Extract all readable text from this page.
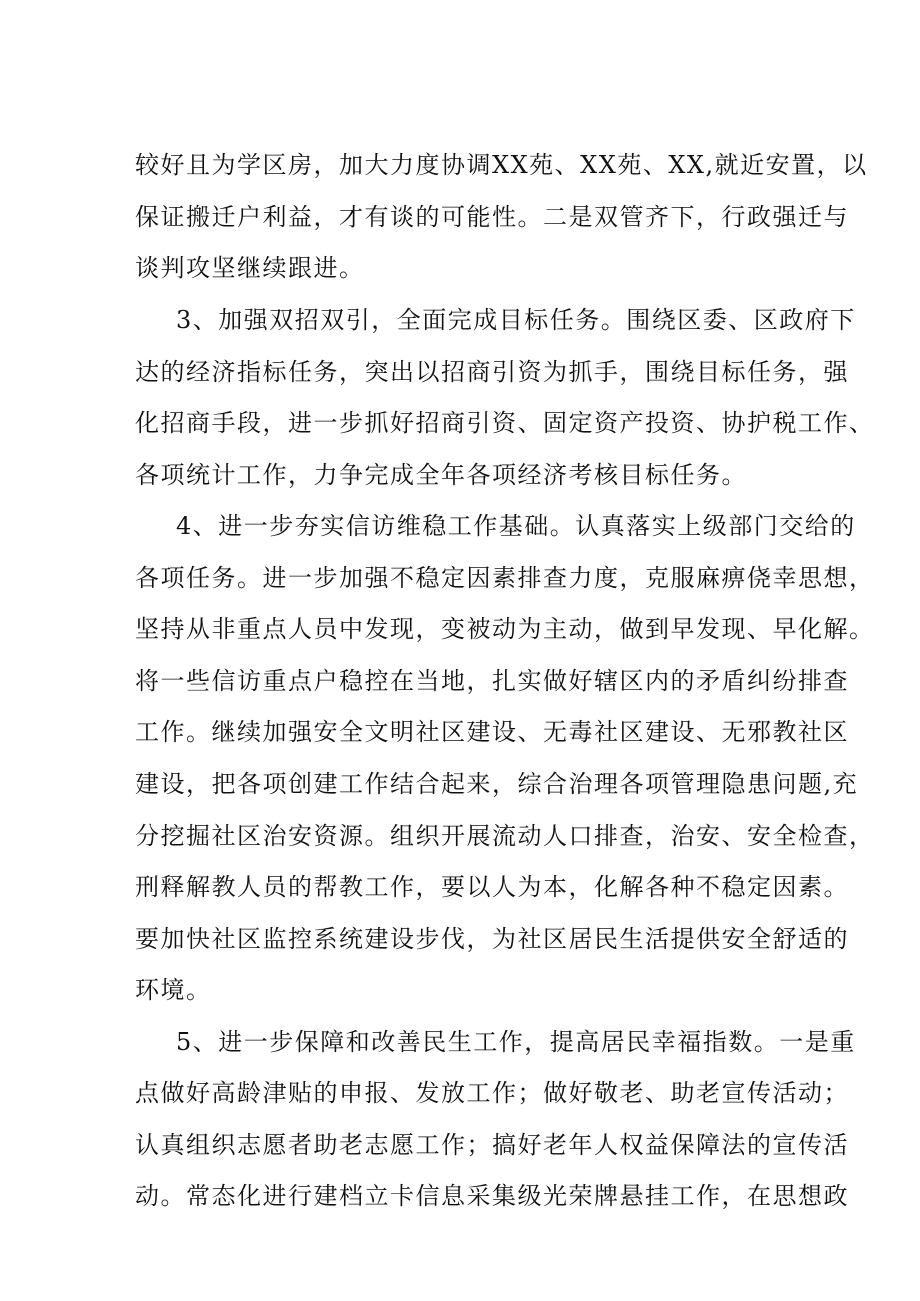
较好且为学区房，加大力度协调XX苑、XX苑、XX,就近安置，以
保证搬迁户利益，才有谈的可能性。二是双管齐下，行政强迁与
谈判攻坚继续跟进。
3、加强双招双引，全面完成目标任务。围绕区委、区政府下
达的经济指标任务，突出以招商引资为抓手，围绕目标任务，强
化招商手段，进一步抓好招商引资、固定资产投资、协护税工作、
各项统计工作，力争完成全年各项经济考核目标任务。
4、进一步夯实信访维稳工作基础。认真落实上级部门交给的
各项任务。进一步加强不稳定因素排查力度，克服麻痹侥幸思想，
坚持从非重点人员中发现，变被动为主动，做到早发现、早化解。
将一些信访重点户稳控在当地，扎实做好辖区内的矛盾纠纷排查
工作。继续加强安全文明社区建设、无毒社区建设、无邪教社区
建设，把各项创建工作结合起来，综合治理各项管理隐患问题,充
分挖掘社区治安资源。组织开展流动人口排查，治安、安全检查，
刑释解教人员的帮教工作，要以人为本，化解各种不稳定因素。
要加快社区监控系统建设步伐，为社区居民生活提供安全舒适的
环境。
5、进一步保障和改善民生工作，提高居民幸福指数。一是重
点做好高龄津贴的申报、发放工作；做好敬老、助老宣传活动；
认真组织志愿者助老志愿工作；搞好老年人权益保障法的宣传活
动。常态化进行建档立卡信息采集级光荣牌悬挂工作，在思想政
